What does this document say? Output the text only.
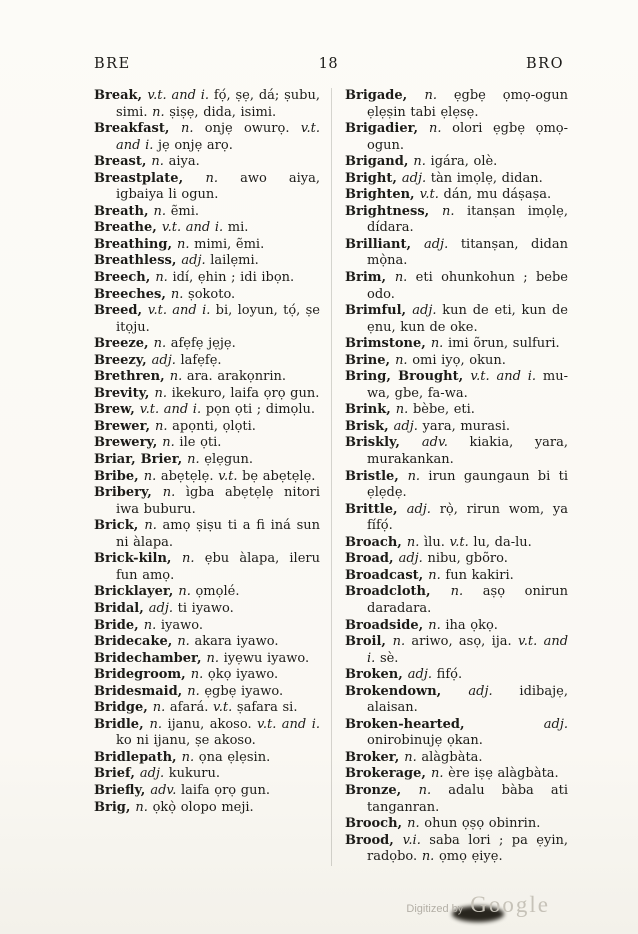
BRE	18	BRO

Break, v.t. and i. fọ́, ṣẹ, dá; ṣubu, simi. n. ṣiṣẹ, dida, isimi.

Breakfast, n. onjẹ owurọ. v.t. and i. jẹ onjẹ arọ.

Breast, n. aiya.

Breastplate, n. awo aiya, igbaiya li ogun.

Breath, n. ẽmi.

Breathe, v.t. and i. mi.

Breathing, n. mimi, ẽmi.

Breathless, adj. lailẹmi.

Breech, n. idí, ẹhin ; idi ibọn.

Breeches, n. ṣokoto.

Breed, v.t. and i. bi, loyun, tọ́, ṣe itọju.

Breeze, n. afẹfẹ jẹjẹ.

Breezy, adj. lafẹfẹ.

Brethren, n. ara. arakọnrin.

Brevity, n. ikekuro, laifa ọrọ gun.

Brew, v.t. and i. pọn ọti ; dimọlu.

Brewer, n. apọnti, ọlọti.

Brewery, n. ile ọti.

Briar, Brier, n. ẹlẹgun.

Bribe, n. abẹtẹlẹ. v.t. bẹ abẹtẹlẹ.

Bribery, n. ìgba abẹtẹlẹ nitori iwa buburu.

Brick, n. amọ ṣiṣu ti a fi iná sun ni àlapa.

Brick-kiln, n. ẹbu àlapa, ileru fun amọ.

Bricklayer, n. ọmọlé.

Bridal, adj. ti iyawo.

Bride, n. iyawo.

Bridecake, n. akara iyawo.

Bridechamber, n. iyẹwu iyawo.

Bridegroom, n. ọkọ iyawo.

Bridesmaid, n. ẹgbẹ iyawo.

Bridge, n. afará. v.t. ṣafara si.

Bridle, n. ijanu, akoso. v.t. and i. ko ni ijanu, ṣe akoso.

Bridlepath, n. ọna ẹlẹsin.

Brief, adj. kukuru.

Briefly, adv. laifa ọrọ gun.

Brig, n. ọkọ̀ olopo meji.

Brigade, n. ẹgbẹ ọmọ-ogun ẹlẹṣin tabi ẹlẹsẹ.

Brigadier, n. olori ẹgbẹ ọmọ-ogun.

Brigand, n. igára, olè.

Bright, adj. tàn imọlẹ, didan.

Brighten, v.t. dán, mu dáṣaṣa.

Brightness, n. itanṣan imọlẹ, dídara.

Brilliant, adj. titanṣan, didan mọ̀na.

Brim, n. eti ohunkohun ; bebe odo.

Brimful, adj. kun de eti, kun de ẹnu, kun de oke.

Brimstone, n. imi õrun, sulfuri.

Brine, n. omi iyọ, okun.

Bring, Brought, v.t. and i. mu-wa, gbe, fa-wa.

Brink, n. bèbe, eti.

Brisk, adj. yara, murasi.

Briskly, adv. kiakia, yara, murakankan.

Bristle, n. irun gaungaun bi ti ẹlẹdẹ.

Brittle, adj. rọ̀, rirun wom, ya fífọ́.

Broach, n. ìlu. v.t. lu, da-lu.

Broad, adj. nibu, gbõro.

Broadcast, n. fun kakiri.

Broadcloth, n. aṣọ onirun daradara.

Broadside, n. iha ọkọ.

Broil, n. ariwo, asọ, ija. v.t. and i. sè.

Broken, adj. fifọ́.

Brokendown, adj. idibajẹ, alaisan.

Broken-hearted, adj. onirobinujẹ ọkan.

Broker, n. alàgbàta.

Brokerage, n. ère iṣẹ alàgbàta.

Bronze, n. adalu bàba ati tanganran.

Brooch, n. ohun ọṣọ obinrin.

Brood, v.i. saba lori ; pa ẹyin, radọbo. n. ọmọ ẹiyẹ.

Digitized by Google
